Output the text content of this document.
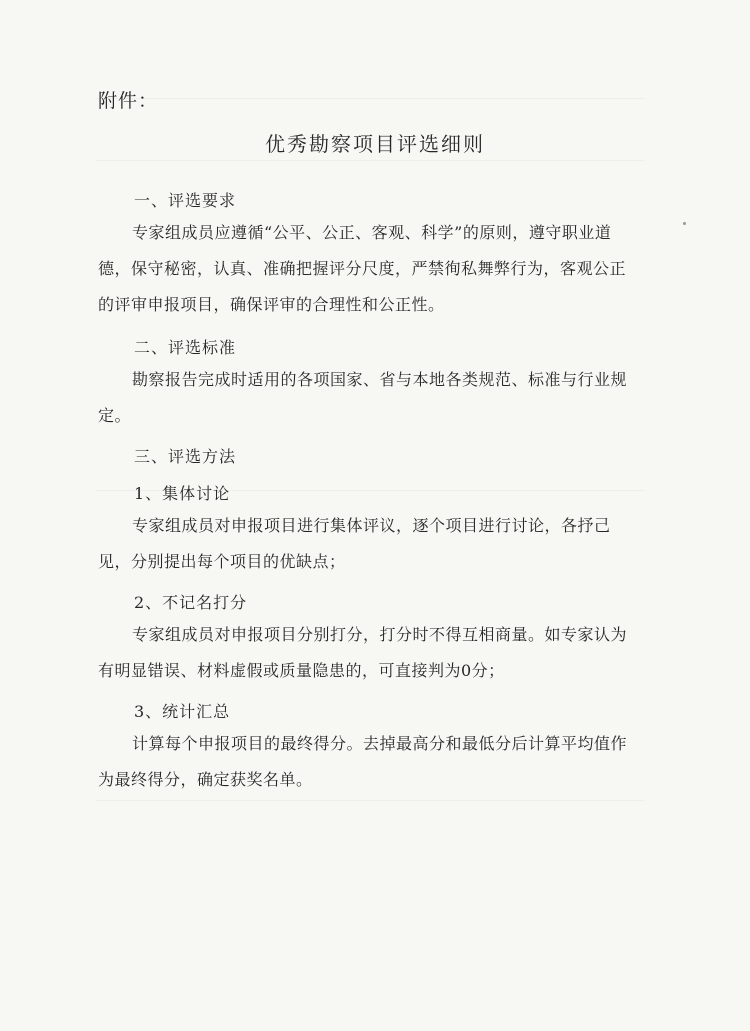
附件：
优秀勘察项目评选细则
一、评选要求
专家组成员应遵循“公平、公正、客观、科学”的原则，遵守职业道德，保守秘密，认真、准确把握评分尺度，严禁徇私舞弊行为，客观公正的评审申报项目，确保评审的合理性和公正性。
二、评选标准
勘察报告完成时适用的各项国家、省与本地各类规范、标准与行业规定。
三、评选方法
1、集体讨论
专家组成员对申报项目进行集体评议，逐个项目进行讨论，各抒己见，分别提出每个项目的优缺点；
2、不记名打分
专家组成员对申报项目分别打分，打分时不得互相商量。如专家认为有明显错误、材料虚假或质量隐患的，可直接判为0分；
3、统计汇总
计算每个申报项目的最终得分。去掉最高分和最低分后计算平均值作为最终得分，确定获奖名单。
